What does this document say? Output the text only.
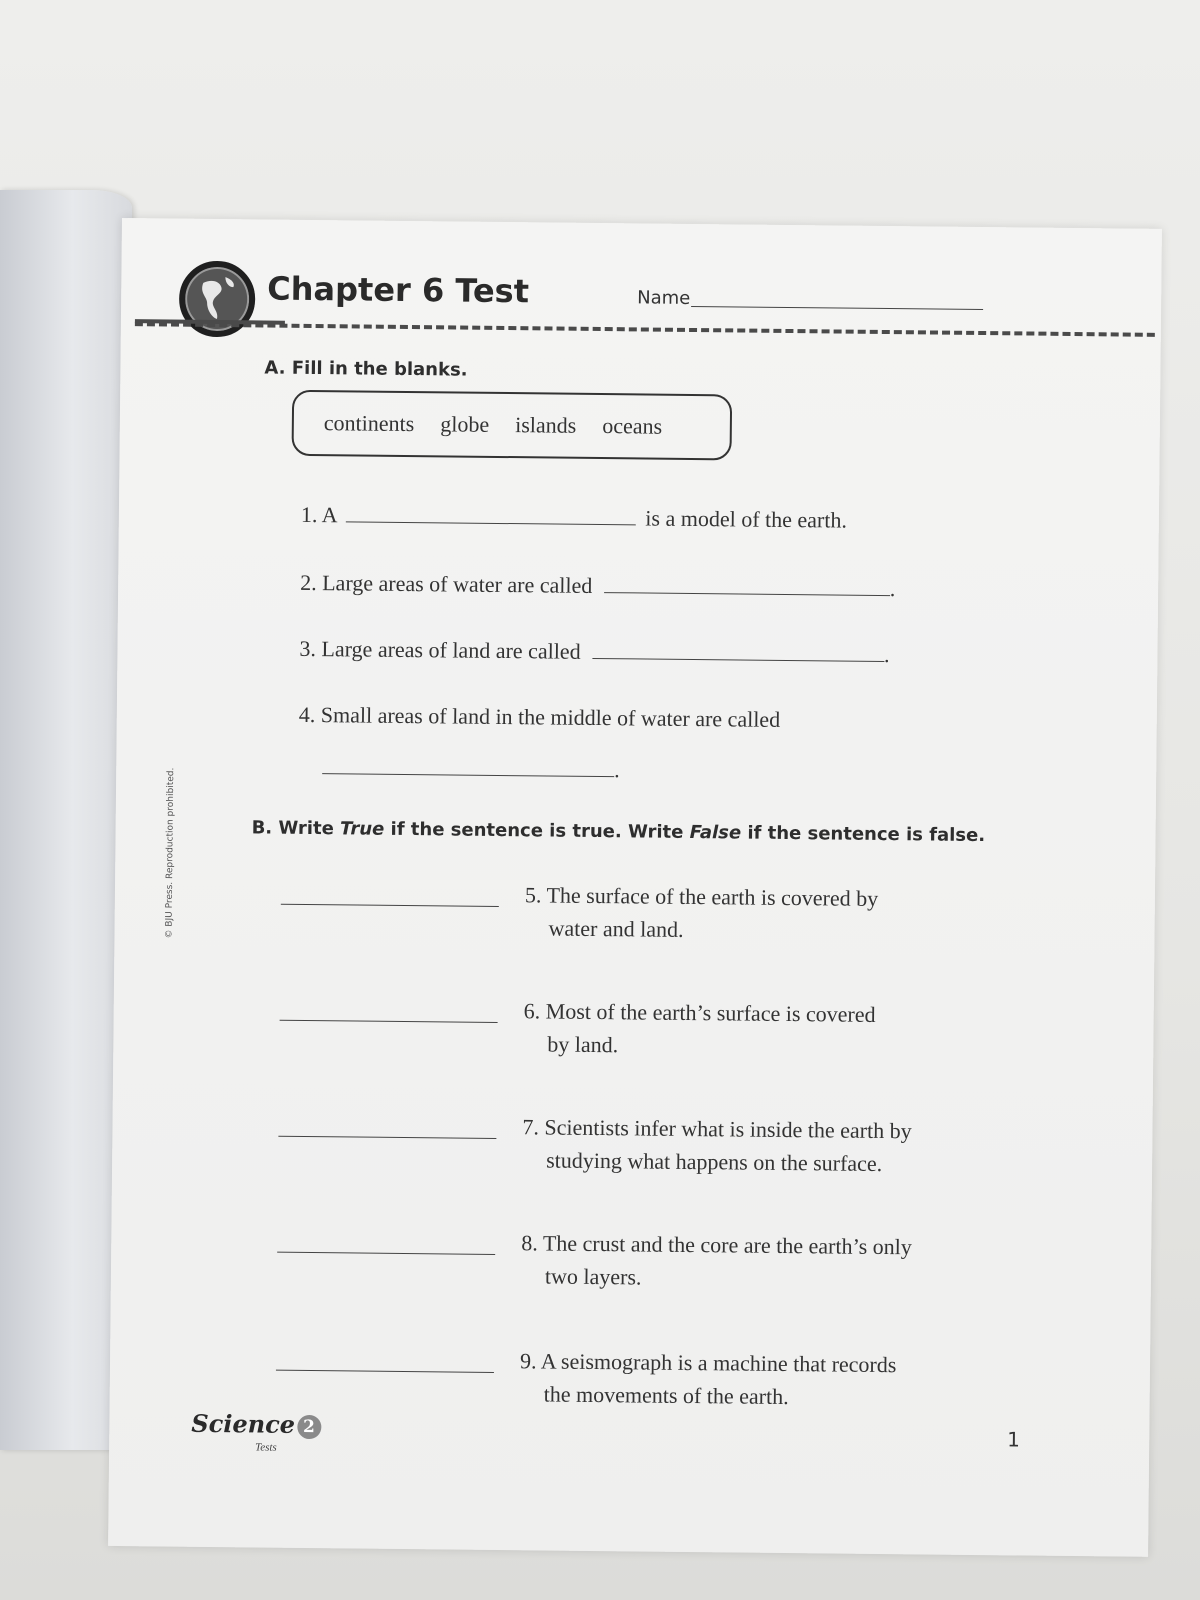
Chapter 6 Test	Name
A. Fill in the blanks.
continents globe islands oceans
1. A	is a model of the earth.
2. Large areas of water are called	.
3. Large areas of land are called	.
4. Small areas of land in the middle of water are called
.
B. Write True if the sentence is true. Write False if the sentence is false.
5. The surface of the earth is covered by
water and land.
6. Most of the earth’s surface is covered
by land.
7. Scientists infer what is inside the earth by
studying what happens on the surface.
8. The crust and the core are the earth’s only
two layers.
9. A seismograph is a machine that records
the movements of the earth.
© BJU Press. Reproduction prohibited.
Science 2
Tests	1
